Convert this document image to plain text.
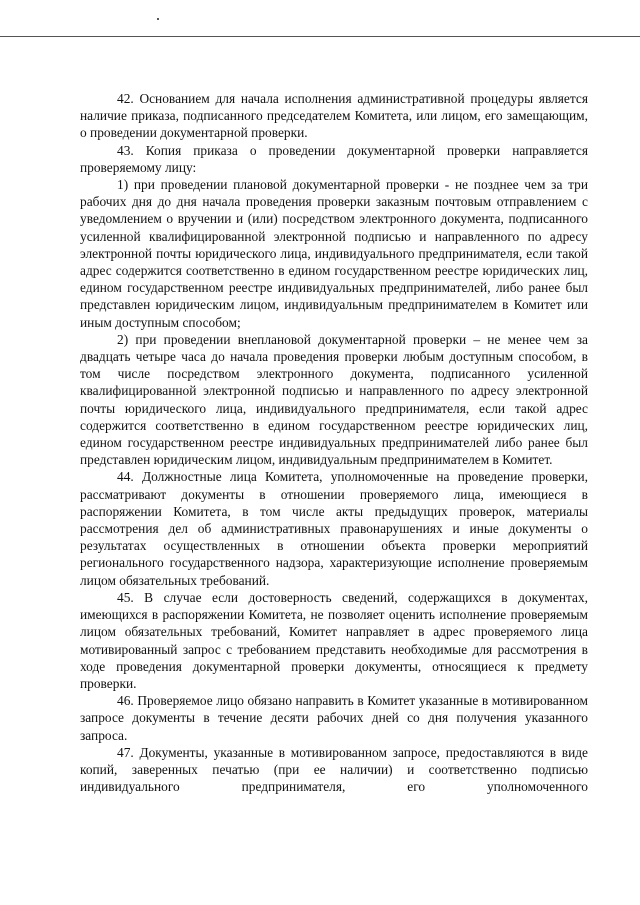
42. Основанием для начала исполнения административной процедуры является наличие приказа, подписанного председателем Комитета, или лицом, его замещающим, о проведении документарной проверки.

43. Копия приказа о проведении документарной проверки направляется проверяемому лицу:

1) при проведении плановой документарной проверки - не позднее чем за три рабочих дня до дня начала проведения проверки заказным почтовым отправлением с уведомлением о вручении и (или) посредством электронного документа, подписанного усиленной квалифицированной электронной подписью и направленного по адресу электронной почты юридического лица, индивидуального предпринимателя, если такой адрес содержится соответственно в едином государственном реестре юридических лиц, едином государственном реестре индивидуальных предпринимателей, либо ранее был представлен юридическим лицом, индивидуальным предпринимателем в Комитет или иным доступным способом;

2) при проведении внеплановой документарной проверки – не менее чем за двадцать четыре часа до начала проведения проверки любым доступным способом, в том числе посредством электронного документа, подписанного усиленной квалифицированной электронной подписью и направленного по адресу электронной почты юридического лица, индивидуального предпринимателя, если такой адрес содержится соответственно в едином государственном реестре юридических лиц, едином государственном реестре индивидуальных предпринимателей либо ранее был представлен юридическим лицом, индивидуальным предпринимателем в Комитет.

44. Должностные лица Комитета, уполномоченные на проведение проверки, рассматривают документы в отношении проверяемого лица, имеющиеся в распоряжении Комитета, в том числе акты предыдущих проверок, материалы рассмотрения дел об административных правонарушениях и иные документы о результатах осуществленных в отношении объекта проверки мероприятий регионального государственного надзора, характеризующие исполнение проверяемым лицом обязательных требований.

45. В случае если достоверность сведений, содержащихся в документах, имеющихся в распоряжении Комитета, не позволяет оценить исполнение проверяемым лицом обязательных требований, Комитет направляет в адрес проверяемого лица мотивированный запрос с требованием представить необходимые для рассмотрения в ходе проведения документарной проверки документы, относящиеся к предмету проверки.

46. Проверяемое лицо обязано направить в Комитет указанные в мотивированном запросе документы в течение десяти рабочих дней со дня получения указанного запроса.

47. Документы, указанные в мотивированном запросе, предоставляются в виде копий, заверенных печатью (при ее наличии) и соответственно подписью индивидуального предпринимателя, его уполномоченного
